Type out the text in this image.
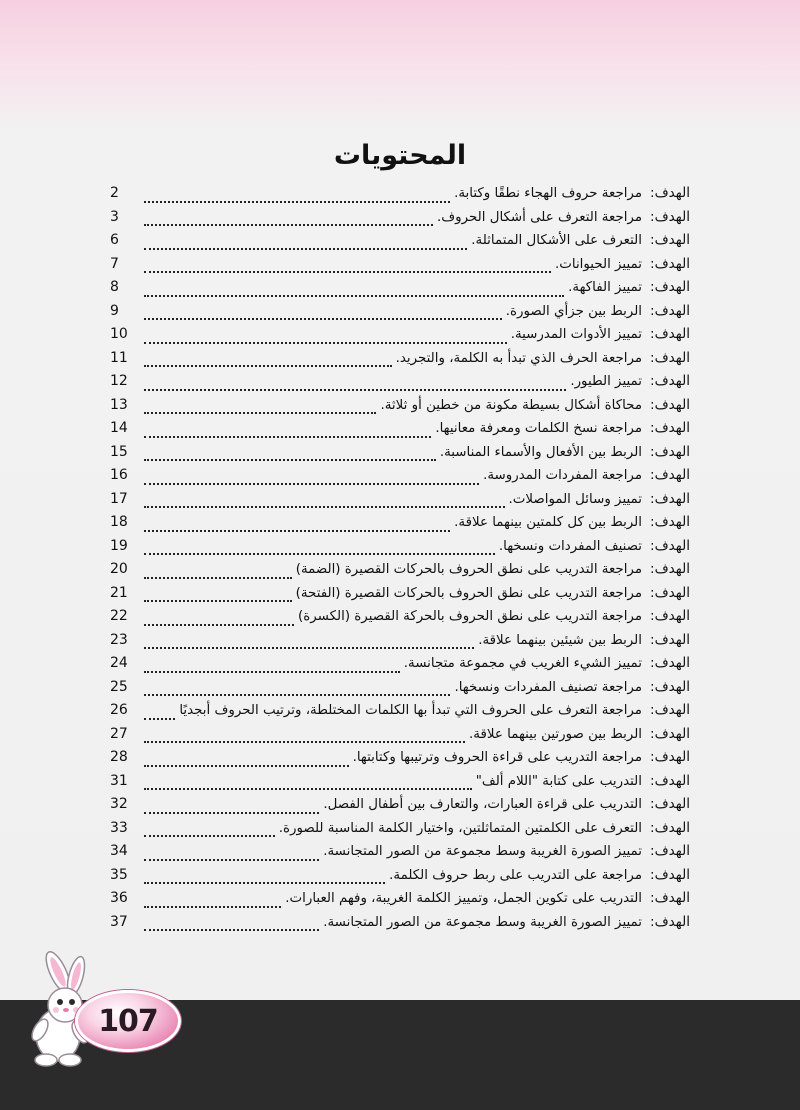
المحتويات
الهدف:
مراجعة حروف الهجاء نطقًا وكتابة.
2
الهدف:
مراجعة التعرف على أشكال الحروف.
3
الهدف:
التعرف على الأشكال المتماثلة.
6
الهدف:
تمييز الحيوانات.
7
الهدف:
تمييز الفاكهة.
8
الهدف:
الربط بين جزأي الصورة.
9
الهدف:
تمييز الأدوات المدرسية.
10
الهدف:
مراجعة الحرف الذي تبدأ به الكلمة، والتجريد.
11
الهدف:
تمييز الطيور.
12
الهدف:
محاكاة أشكال بسيطة مكونة من خطين أو ثلاثة.
13
الهدف:
مراجعة نسخ الكلمات ومعرفة معانيها.
14
الهدف:
الربط بين الأفعال والأسماء المناسبة.
15
الهدف:
مراجعة المفردات المدروسة.
16
الهدف:
تمييز وسائل المواصلات.
17
الهدف:
الربط بين كل كلمتين بينهما علاقة.
18
الهدف:
تصنيف المفردات ونسخها.
19
الهدف:
مراجعة التدريب على نطق الحروف بالحركات القصيرة (الضمة)
20
الهدف:
مراجعة التدريب على نطق الحروف بالحركات القصيرة (الفتحة)
21
الهدف:
مراجعة التدريب على نطق الحروف بالحركة القصيرة (الكسرة)
22
الهدف:
الربط بين شيئين بينهما علاقة.
23
الهدف:
تمييز الشيء الغريب في مجموعة متجانسة.
24
الهدف:
مراجعة تصنيف المفردات ونسخها.
25
الهدف:
مراجعة التعرف على الحروف التي تبدأ بها الكلمات المختلطة، وترتيب الحروف أبجديًا
26
الهدف:
الربط بين صورتين بينهما علاقة.
27
الهدف:
مراجعة التدريب على قراءة الحروف وترتيبها وكتابتها.
28
الهدف:
التدريب على كتابة "اللام ألف"
31
الهدف:
التدريب على قراءة العبارات، والتعارف بين أطفال الفصل.
32
الهدف:
التعرف على الكلمتين المتماثلتين، واختيار الكلمة المناسبة للصورة.
33
الهدف:
تمييز الصورة الغريبة وسط مجموعة من الصور المتجانسة.
34
الهدف:
مراجعة على التدريب على ربط حروف الكلمة.
35
الهدف:
التدريب على تكوين الجمل، وتمييز الكلمة الغريبة، وفهم العبارات.
36
الهدف:
تمييز الصورة الغريبة وسط مجموعة من الصور المتجانسة.
37
107
